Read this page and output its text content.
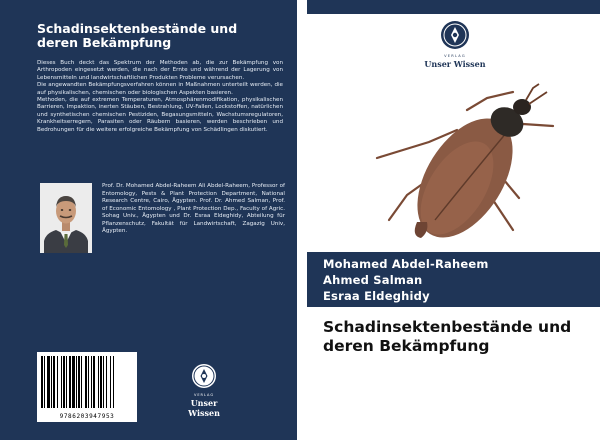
Schadinsektenbestände und deren Bekämpfung

Dieses Buch deckt das Spektrum der Methoden ab, die zur Bekämpfung von Arthropoden eingesetzt werden, die nach der Ernte und während der Lagerung von Lebensmitteln und landwirtschaftlichen Produkten Probleme verursachen.

Die angewandten Bekämpfungsverfahren können in Maßnahmen unterteilt werden, die auf physikalischen, chemischen oder biologischen Aspekten basieren.

Methoden, die auf extremen Temperaturen, Atmosphärenmodifikation, physikalischen Barrieren, Impaktion, inerten Stäuben, Bestrahlung, UV-Fallen, Lockstoffen, natürlichen und synthetischen chemischen Pestiziden, Begasungsmitteln, Wachstumsregulatoren, Krankheitserregern, Parasiten oder Räubern basieren, werden beschrieben und Bedrohungen für die weitere erfolgreiche Bekämpfung von Schädlingen diskutiert.

Prof. Dr. Mohamed Abdel-Raheem Ali Abdel-Raheem, Professor of Entomology, Pests & Plant Protection Department, National Research Centre, Cairo, Ägypten. Prof. Dr. Ahmed Salman, Prof. of Economic Entomology , Plant Protection Dep., Faculty of Agric. Sohag Univ., Ägypten und Dr. Esraa Eldeghidy, Abteilung für Pflanzenschutz, Fakultät für Landwirtschaft, Zagazig Univ, Ägypten.
9786203947953
VERLAG
Unser Wissen
VERLAG
Unser Wissen
Mohamed Abdel-Raheem
Ahmed Salman
Esraa Eldeghidy
Schadinsektenbestände und deren Bekämpfung
